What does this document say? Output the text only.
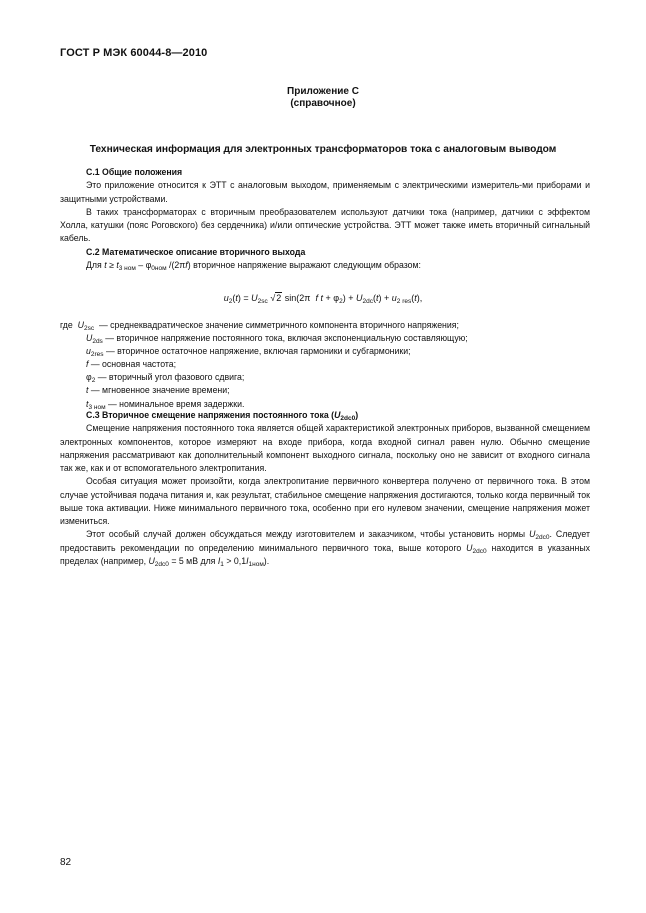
ГОСТ Р МЭК 60044-8—2010
Приложение С
(справочное)
Техническая информация для электронных трансформаторов тока с аналоговым выводом
С.1 Общие положения

Это приложение относится к ЭТТ с аналоговым выходом, применяемым с электрическими измеритель-ми приборами и защитными устройствами.

В таких трансформаторах с вторичным преобразователем используют датчики тока (например, датчики с эффектом Холла, катушки (пояс Роговского) без сердечника) и/или оптические устройства. ЭТТ может также иметь вторичный сигнальный кабель.

С.2 Математическое описание вторичного выхода

Для $t \ge t_{3 ном} - \varphi_{0ном}$ /(2πf) вторичное напряжение выражают следующим образом:

$u_2(t) = U_{2sc}$ √2 sin(2π  f $t + \varphi_2) + U_{2dc}(t) + u_{2 res}(t)$,
где $U_{2sc}$ — среднеквадратическое значение симметричного компонента вторичного напряжения;
$U_{2ds}$ — вторичное напряжение постоянного тока, включая экспоненциальную составляющую;
$u_{2res}$ — вторичное остаточное напряжение, включая гармоники и субгармоники;
f — основная частота;
$\varphi_2$ — вторичный угол фазового сдвига;
t — мгновенное значение времени;
$t_{3 ном}$ — номинальное время задержки.
С.3 Вторичное смещение напряжения постоянного тока $(U_{2dc0})$

Смещение напряжения постоянного тока является общей характеристикой электронных приборов, вызванной смещением электронных компонентов, которое измеряют на входе прибора, когда входной сигнал равен нулю. Обычно смещение напряжения рассматривают как дополнительный компонент выходного сигнала, поскольку оно не зависит от входного сигнала так же, как и от вспомогательного электропитания.

Особая ситуация может произойти, когда электропитание первичного конвертера получено от первичного тока. В этом случае устойчивая подача питания и, как результат, стабильное смещение напряжения достигаются, только когда первичный ток выше тока активации. Ниже минимального первичного тока, особенно при его нулевом значении, смещение напряжения может измениться.

Этот особый случай должен обсуждаться между изготовителем и заказчиком, чтобы установить нормы $U_{2dc0}$. Следует предоставить рекомендации по определению минимального первичного тока, выше которого $U_{2dc0}$ находится в указанных пределах (например, $U_{2dc0} = 5$ мВ для $I_1 > 0,1I_{1ном}$).

82
